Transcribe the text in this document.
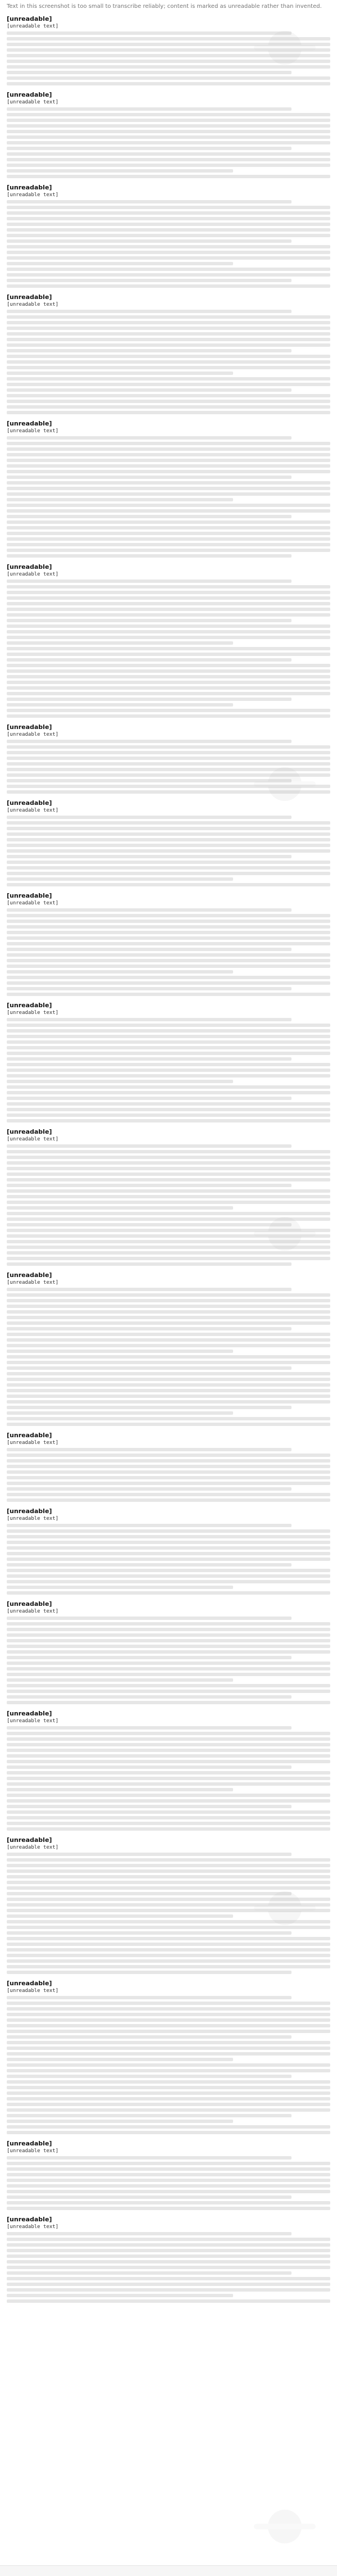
Text in this screenshot is too small to transcribe reliably; content is marked as unreadable rather than invented.
[unreadable]
[unreadable text]
[unreadable]
[unreadable text]
[unreadable]
[unreadable text]
[unreadable]
[unreadable text]
[unreadable]
[unreadable text]
[unreadable]
[unreadable text]
[unreadable]
[unreadable text]
[unreadable]
[unreadable text]
[unreadable]
[unreadable text]
[unreadable]
[unreadable text]
[unreadable]
[unreadable text]
[unreadable]
[unreadable text]
[unreadable]
[unreadable text]
[unreadable]
[unreadable text]
[unreadable]
[unreadable text]
[unreadable]
[unreadable text]
[unreadable]
[unreadable text]
[unreadable]
[unreadable text]
[unreadable]
[unreadable text]
[unreadable]
[unreadable text]
